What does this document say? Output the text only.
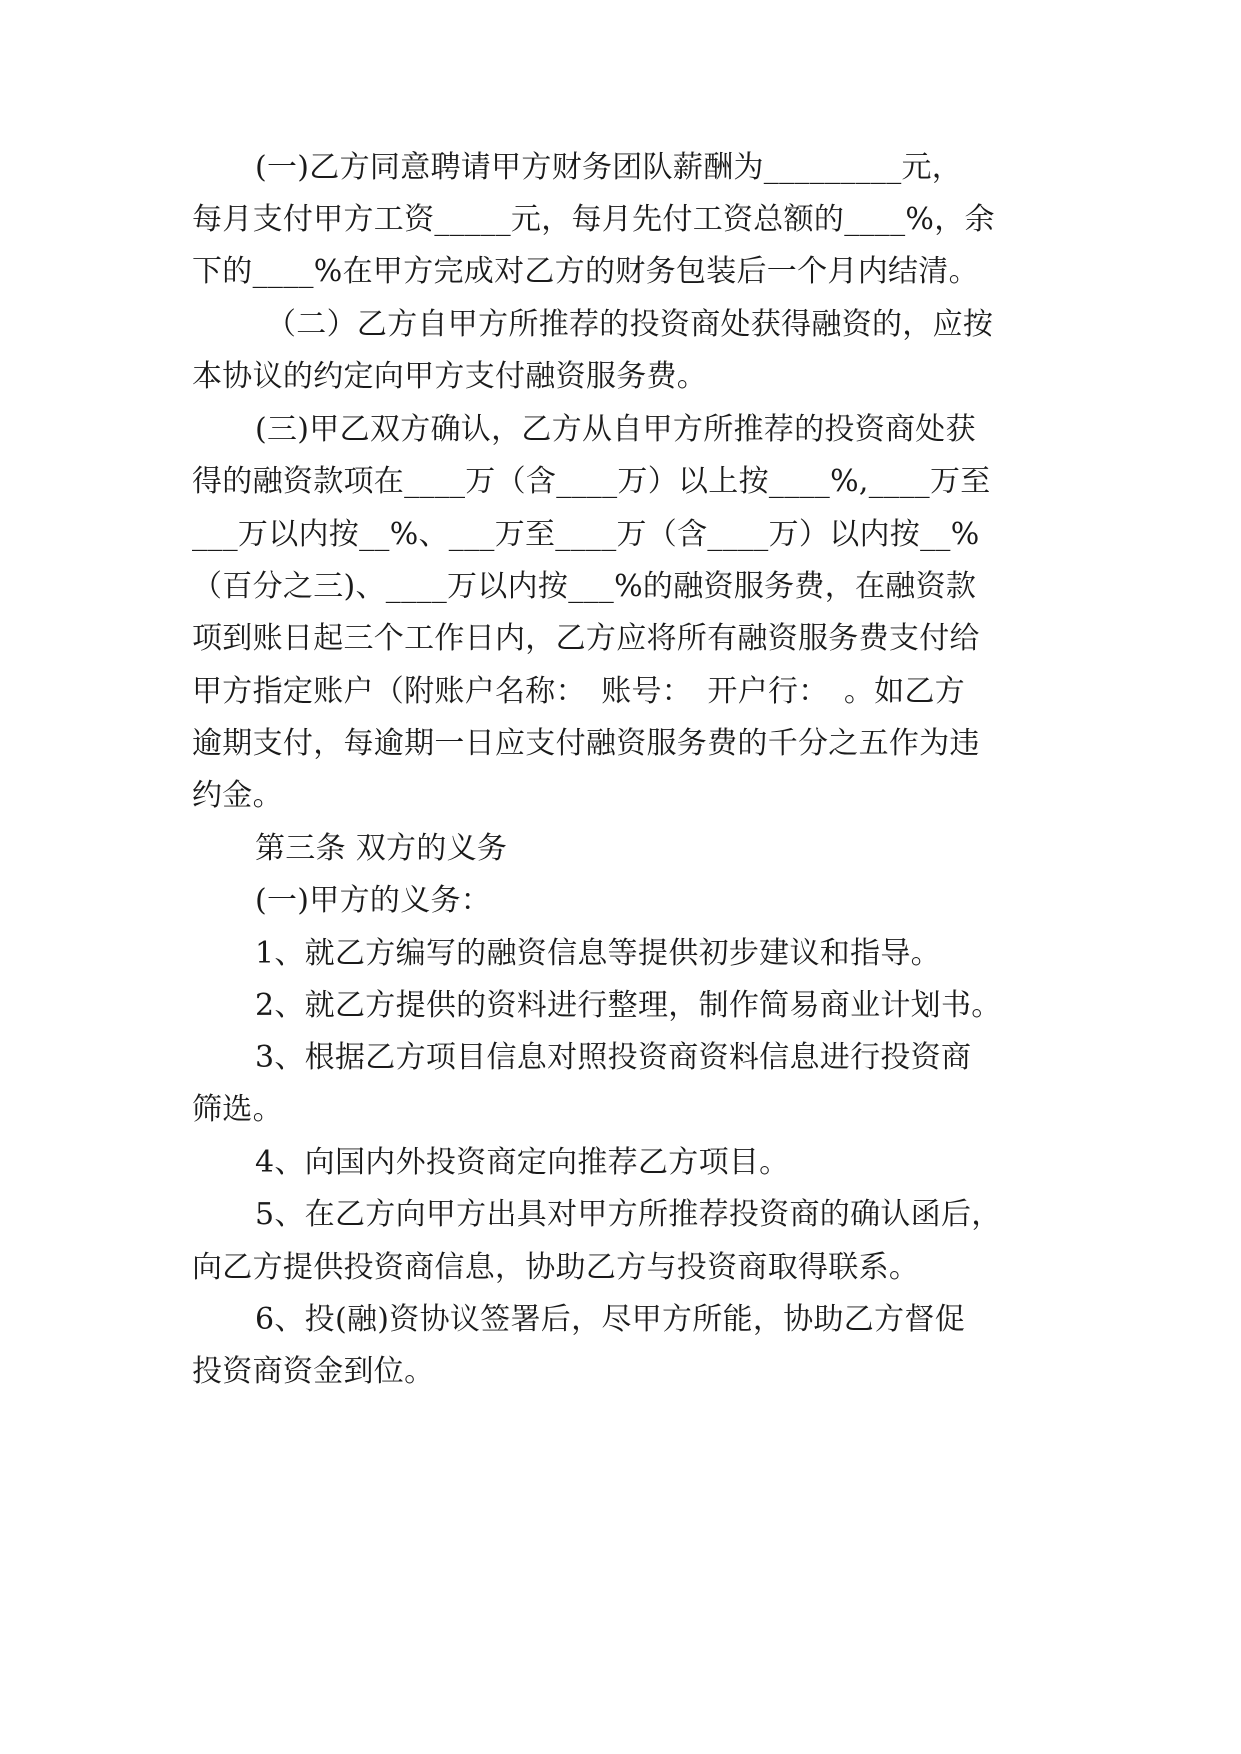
(一)乙方同意聘请甲方财务团队薪酬为_________元，
每月支付甲方工资_____元，每月先付工资总额的____%，余
下的____%在甲方完成对乙方的财务包装后一个月内结清。
（二）乙方自甲方所推荐的投资商处获得融资的，应按
本协议的约定向甲方支付融资服务费。
(三)甲乙双方确认，乙方从自甲方所推荐的投资商处获
得的融资款项在____万（含____万）以上按____%,____万至
___万以内按__%、___万至____万（含____万）以内按__%
（百分之三)、____万以内按___%的融资服务费，在融资款
项到账日起三个工作日内，乙方应将所有融资服务费支付给
甲方指定账户（附账户名称：　账号：　开户行：　。如乙方
逾期支付，每逾期一日应支付融资服务费的千分之五作为违
约金。
第三条 双方的义务
(一)甲方的义务：
1、就乙方编写的融资信息等提供初步建议和指导。
2、就乙方提供的资料进行整理，制作简易商业计划书。
3、根据乙方项目信息对照投资商资料信息进行投资商
筛选。
4、向国内外投资商定向推荐乙方项目。
5、在乙方向甲方出具对甲方所推荐投资商的确认函后，
向乙方提供投资商信息，协助乙方与投资商取得联系。
6、投(融)资协议签署后，尽甲方所能，协助乙方督促
投资商资金到位。
